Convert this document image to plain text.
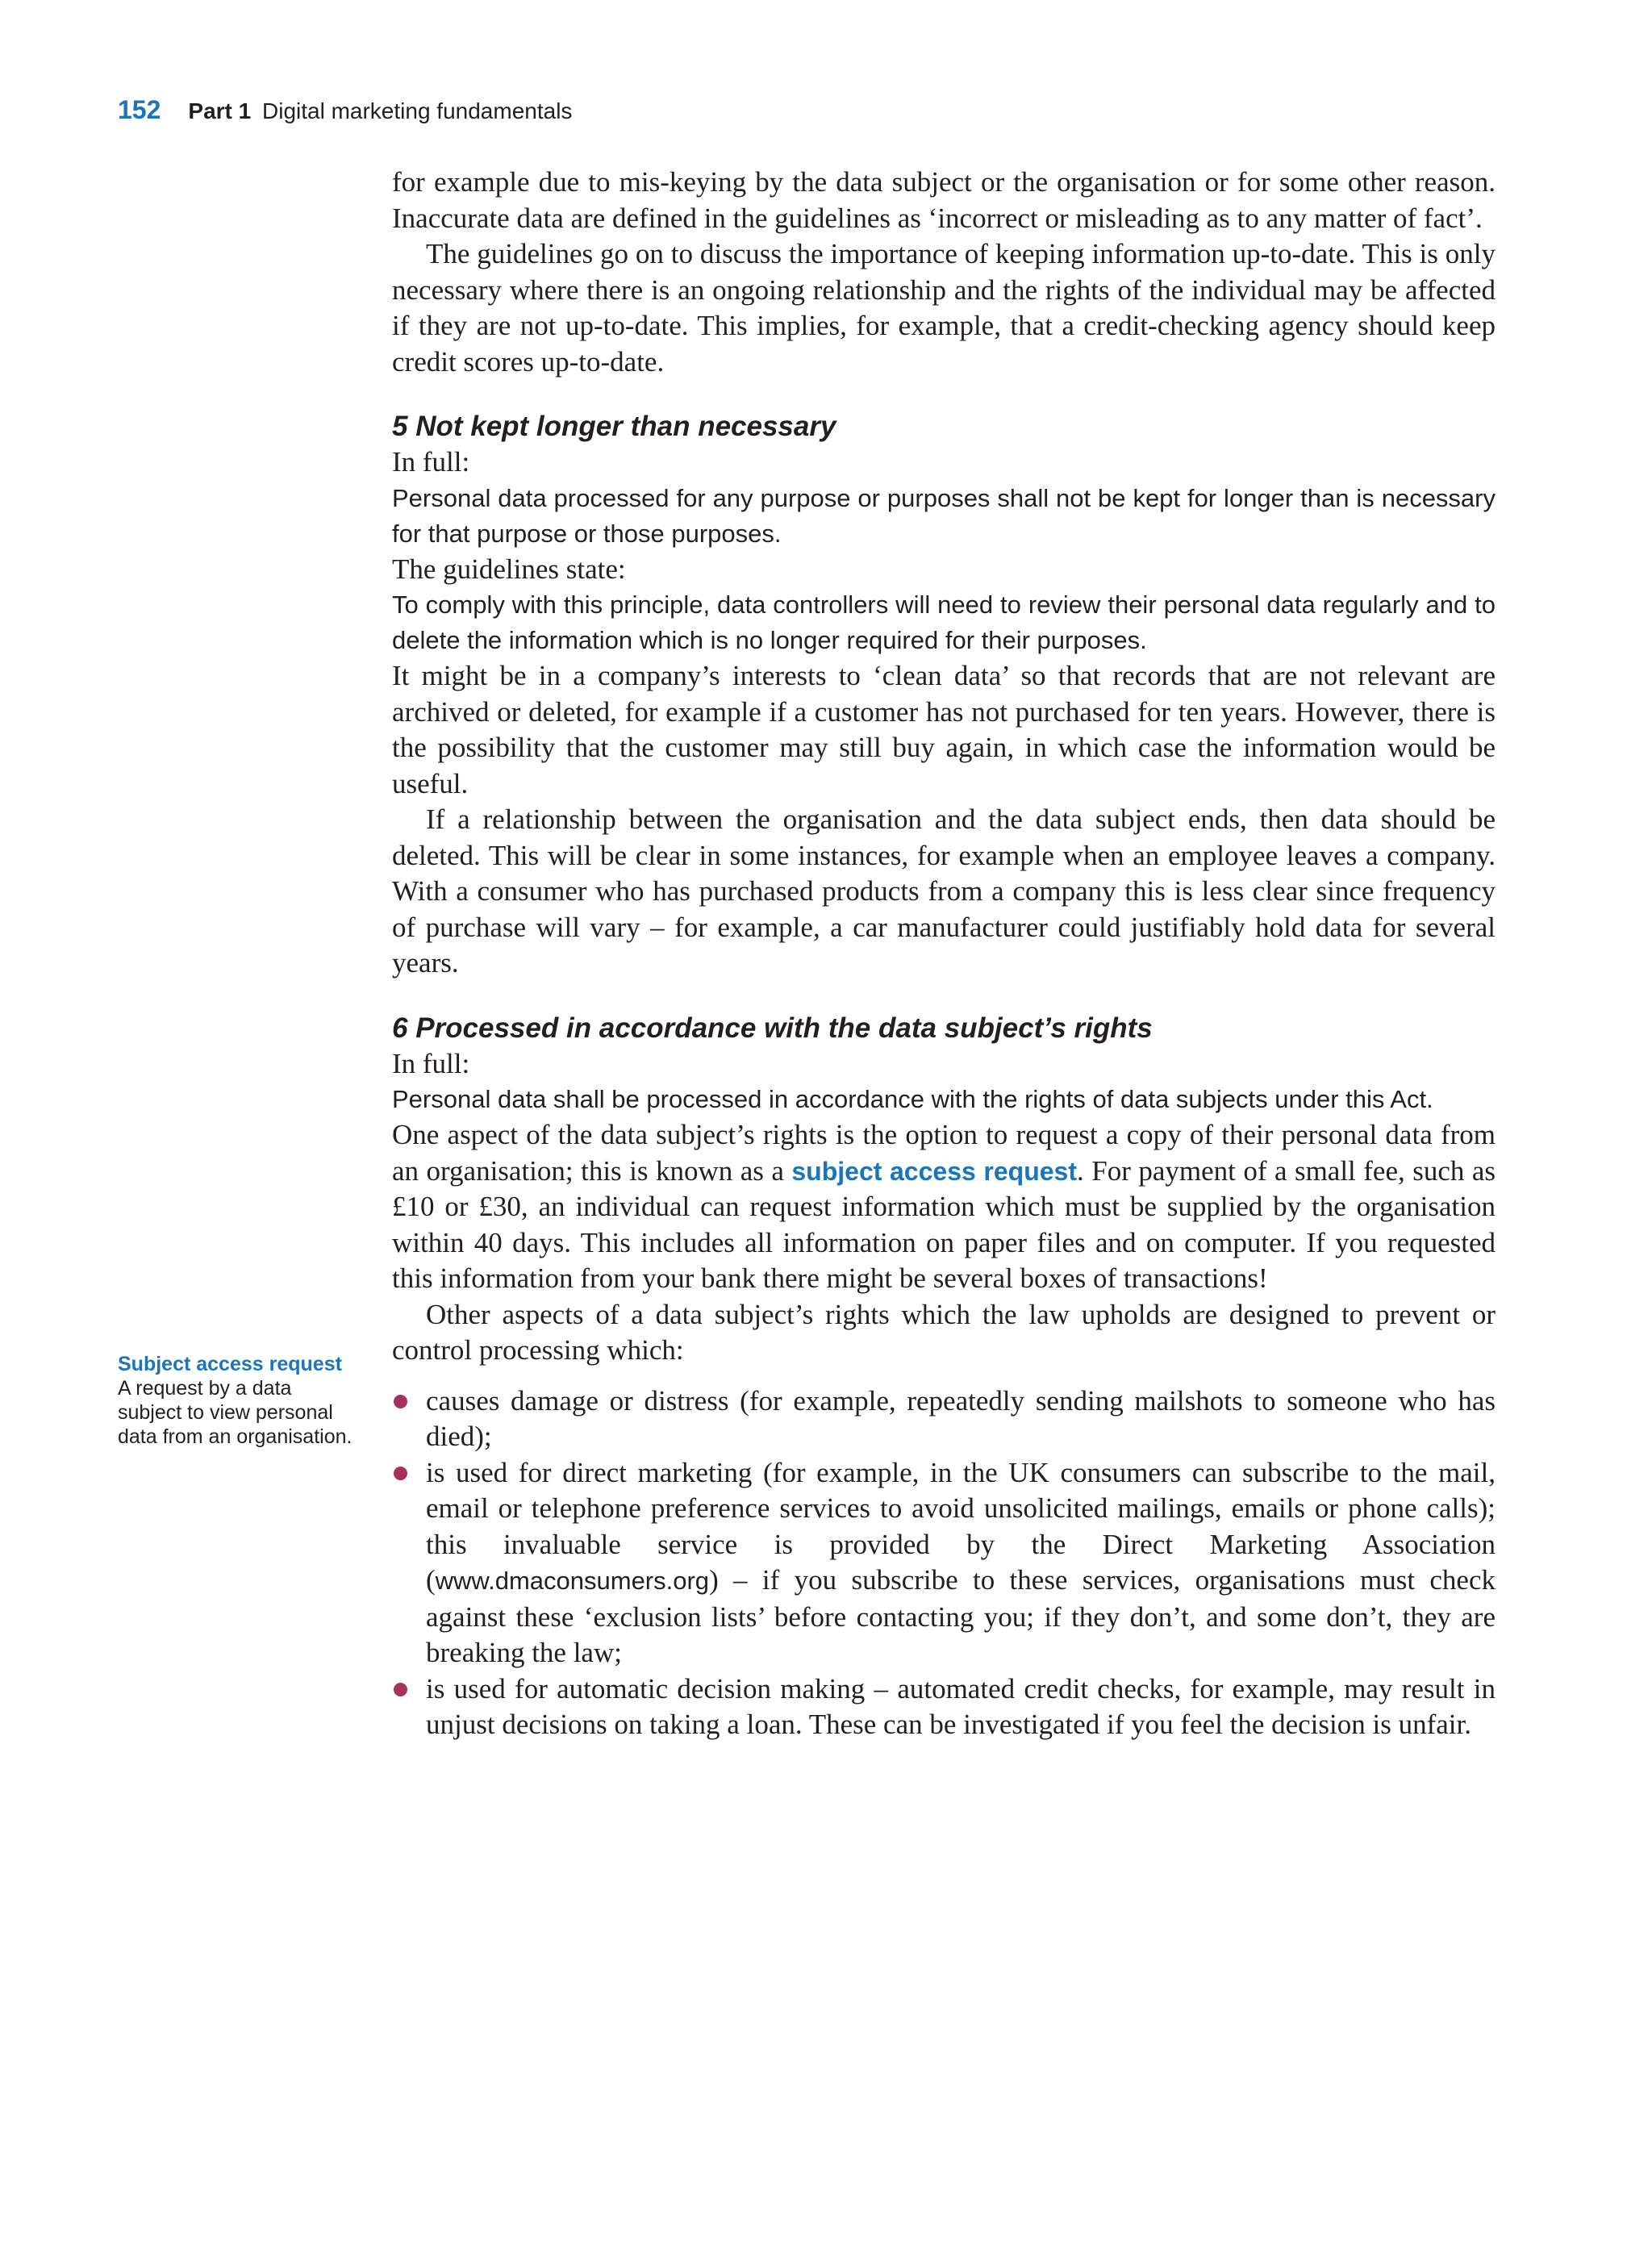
152 Part 1 Digital marketing fundamentals
Subject access request

A request by a data subject to view personal data from an organisation.

for example due to mis-keying by the data subject or the organisation or for some other reason. Inaccurate data are defined in the guidelines as ‘incorrect or misleading as to any matter of fact’.

The guidelines go on to discuss the importance of keeping information up-to-date. This is only necessary where there is an ongoing relationship and the rights of the individual may be affected if they are not up-to-date. This implies, for example, that a credit-checking agency should keep credit scores up-to-date.

5 Not kept longer than necessary

In full:

Personal data processed for any purpose or purposes shall not be kept for longer than is necessary for that purpose or those purposes.

The guidelines state:

To comply with this principle, data controllers will need to review their personal data regularly and to delete the information which is no longer required for their purposes.

It might be in a company’s interests to ‘clean data’ so that records that are not relevant are archived or deleted, for example if a customer has not purchased for ten years. However, there is the possibility that the customer may still buy again, in which case the information would be useful.

If a relationship between the organisation and the data subject ends, then data should be deleted. This will be clear in some instances, for example when an employee leaves a company. With a consumer who has purchased products from a company this is less clear since frequency of purchase will vary – for example, a car manufacturer could justifiably hold data for several years.

6 Processed in accordance with the data subject’s rights

In full:

Personal data shall be processed in accordance with the rights of data subjects under this Act.

One aspect of the data subject’s rights is the option to request a copy of their personal data from an organisation; this is known as a subject access request. For payment of a small fee, such as £10 or £30, an individual can request information which must be supplied by the organisation within 40 days. This includes all information on paper files and on computer. If you requested this information from your bank there might be several boxes of transactions!

Other aspects of a data subject’s rights which the law upholds are designed to prevent or control processing which:

causes damage or distress (for example, repeatedly sending mailshots to someone who has died);
is used for direct marketing (for example, in the UK consumers can subscribe to the mail, email or telephone preference services to avoid unsolicited mailings, emails or phone calls); this invaluable service is provided by the Direct Marketing Association (www.dmaconsumers.org) – if you subscribe to these services, organisations must check against these ‘exclusion lists’ before contacting you; if they don’t, and some don’t, they are breaking the law;
is used for automatic decision making – automated credit checks, for example, may result in unjust decisions on taking a loan. These can be investigated if you feel the decision is unfair.
